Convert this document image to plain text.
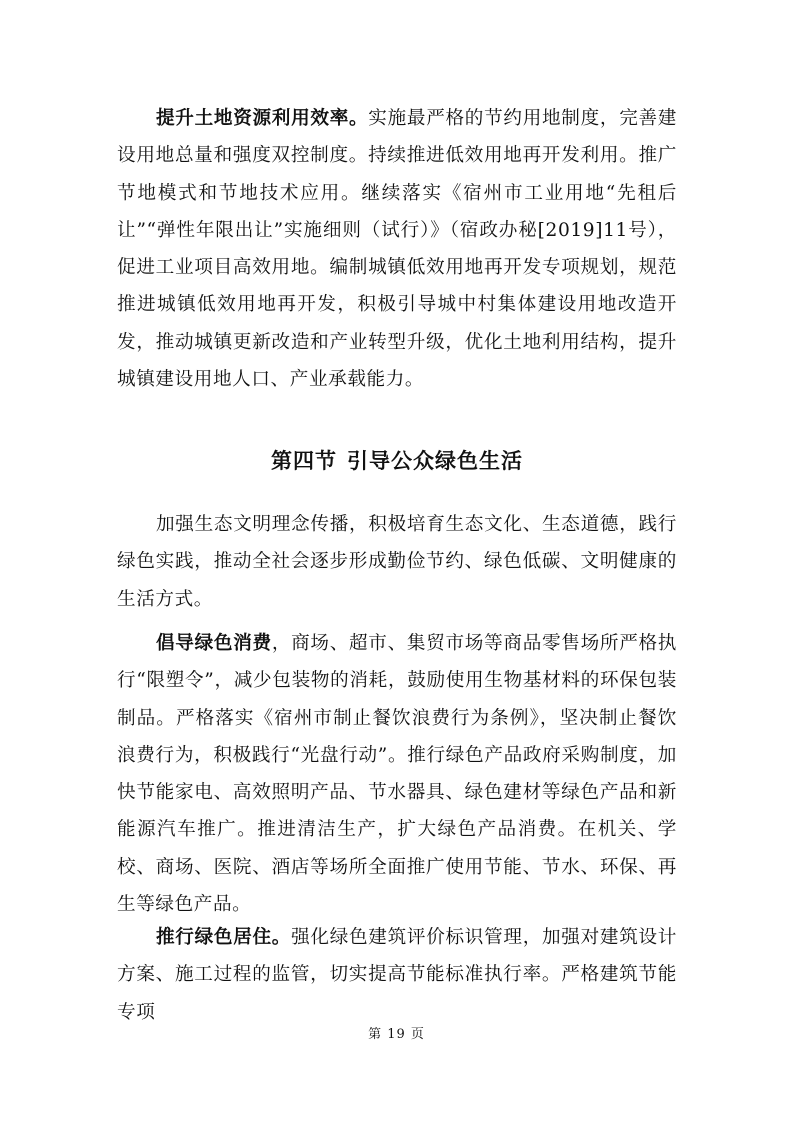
提升土地资源利用效率。实施最严格的节约用地制度，完善建设用地总量和强度双控制度。持续推进低效用地再开发利用。推广节地模式和节地技术应用。继续落实《宿州市工业用地“先租后让”“弹性年限出让”实施细则（试行）》（宿政办秘[2019]11号），促进工业项目高效用地。编制城镇低效用地再开发专项规划，规范推进城镇低效用地再开发，积极引导城中村集体建设用地改造开发，推动城镇更新改造和产业转型升级，优化土地利用结构，提升城镇建设用地人口、产业承载能力。

第四节 引导公众绿色生活

加强生态文明理念传播，积极培育生态文化、生态道德，践行绿色实践，推动全社会逐步形成勤俭节约、绿色低碳、文明健康的生活方式。

倡导绿色消费，商场、超市、集贸市场等商品零售场所严格执行“限塑令”，减少包装物的消耗，鼓励使用生物基材料的环保包装制品。严格落实《宿州市制止餐饮浪费行为条例》，坚决制止餐饮浪费行为，积极践行“光盘行动”。推行绿色产品政府采购制度，加快节能家电、高效照明产品、节水器具、绿色建材等绿色产品和新能源汽车推广。推进清洁生产，扩大绿色产品消费。在机关、学校、商场、医院、酒店等场所全面推广使用节能、节水、环保、再生等绿色产品。

推行绿色居住。强化绿色建筑评价标识管理，加强对建筑设计方案、施工过程的监管，切实提高节能标准执行率。严格建筑节能专项

第 19 页
